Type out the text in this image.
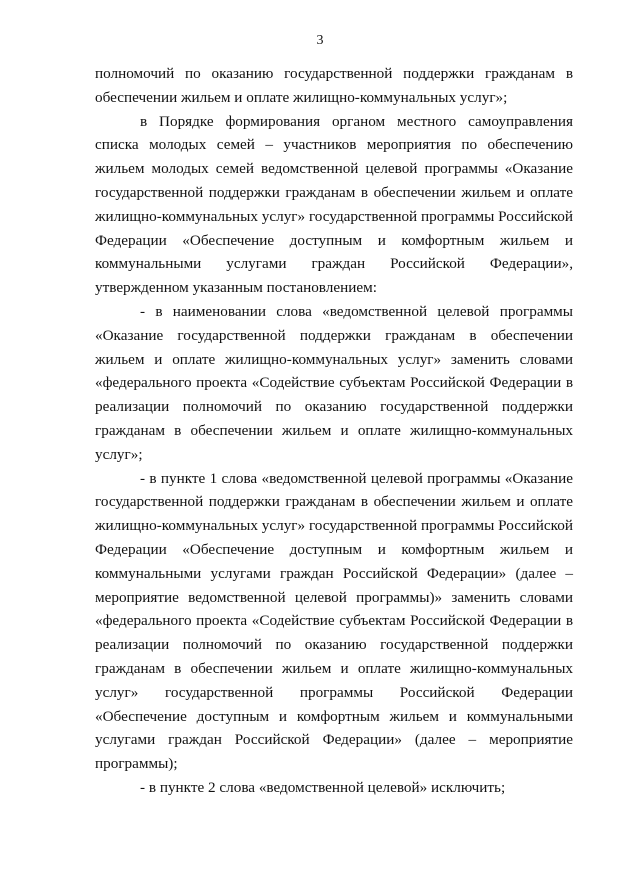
3

полномочий по оказанию государственной поддержки гражданам в обеспечении жильем и оплате жилищно-коммунальных услуг»;

в Порядке формирования органом местного самоуправления списка молодых семей – участников мероприятия по обеспечению жильем молодых семей ведомственной целевой программы «Оказание государственной поддержки гражданам в обеспечении жильем и оплате жилищно-коммунальных услуг» государственной программы Российской Федерации «Обеспечение доступным и комфортным жильем и коммунальными услугами граждан Российской Федерации», утвержденном указанным постановлением:

- в наименовании слова «ведомственной целевой программы «Оказание государственной поддержки гражданам в обеспечении жильем и оплате жилищно-коммунальных услуг» заменить словами «федерального проекта «Содействие субъектам Российской Федерации в реализации полномочий по оказанию государственной поддержки гражданам в обеспечении жильем и оплате жилищно-коммунальных услуг»;

- в пункте 1 слова «ведомственной целевой программы «Оказание государственной поддержки гражданам в обеспечении жильем и оплате жилищно-коммунальных услуг» государственной программы Российской Федерации «Обеспечение доступным и комфортным жильем и коммунальными услугами граждан Российской Федерации» (далее – мероприятие ведомственной целевой программы)» заменить словами «федерального проекта «Содействие субъектам Российской Федерации в реализации полномочий по оказанию государственной поддержки гражданам в обеспечении жильем и оплате жилищно-коммунальных услуг» государственной программы Российской Федерации «Обеспечение доступным и комфортным жильем и коммунальными услугами граждан Российской Федерации» (далее – мероприятие программы);

- в пункте 2 слова «ведомственной целевой» исключить;
